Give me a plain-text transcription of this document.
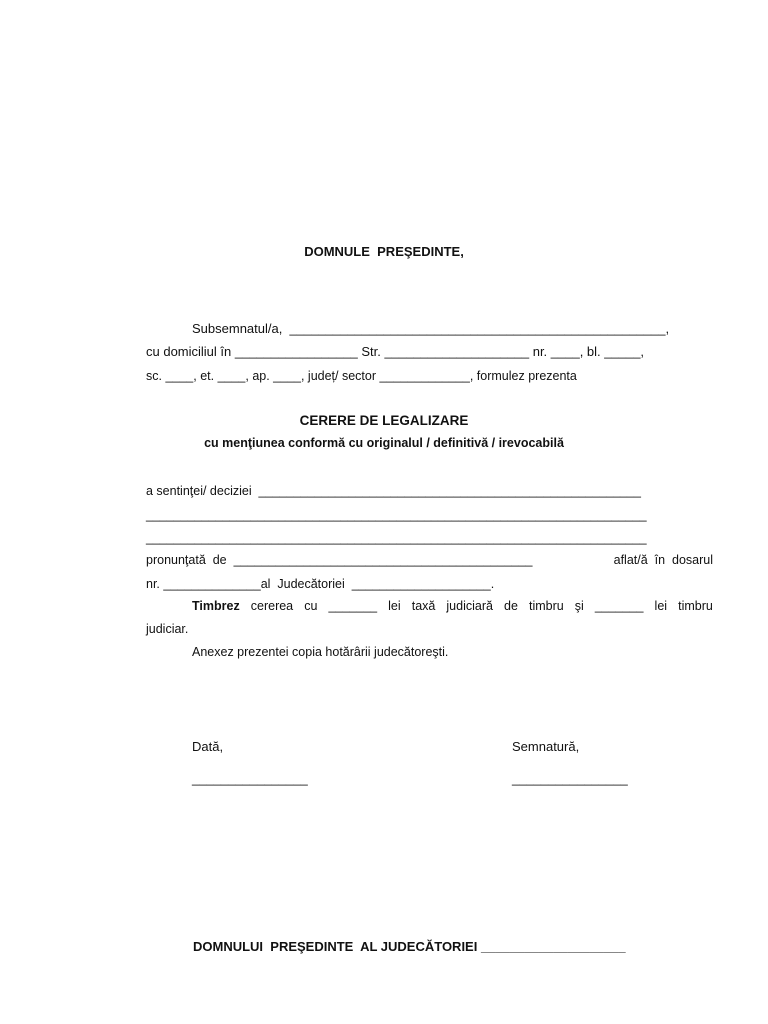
DOMNULE  PREŞEDINTE,
Subsemnatul/a,  ____________________________________________________,
cu domiciliul în _________________ Str. ____________________ nr. ____, bl. _____,
sc. ____, et. ____, ap. ____, județ/ sector _____________, formulez prezenta
CERERE DE LEGALIZARE
cu menţiunea conformă cu originalul / definitivă / irevocabilă
a sentinţei/ deciziei  _______________________________________________________
________________________________________________________________________
________________________________________________________________________
pronunţată  de  ___________________________________________	aflat/ă  în  dosarul
nr. ______________al  Judecătoriei  ____________________.
Timbrez cererea cu _______ lei taxă judiciară de timbru şi _______ lei timbru
judiciar.
Anexez prezentei copia hotărârii judecătoreşti.
Dată,
________________
Semnatură,
________________
DOMNULUI  PREŞEDINTE  AL JUDECĂTORIEI ____________________
